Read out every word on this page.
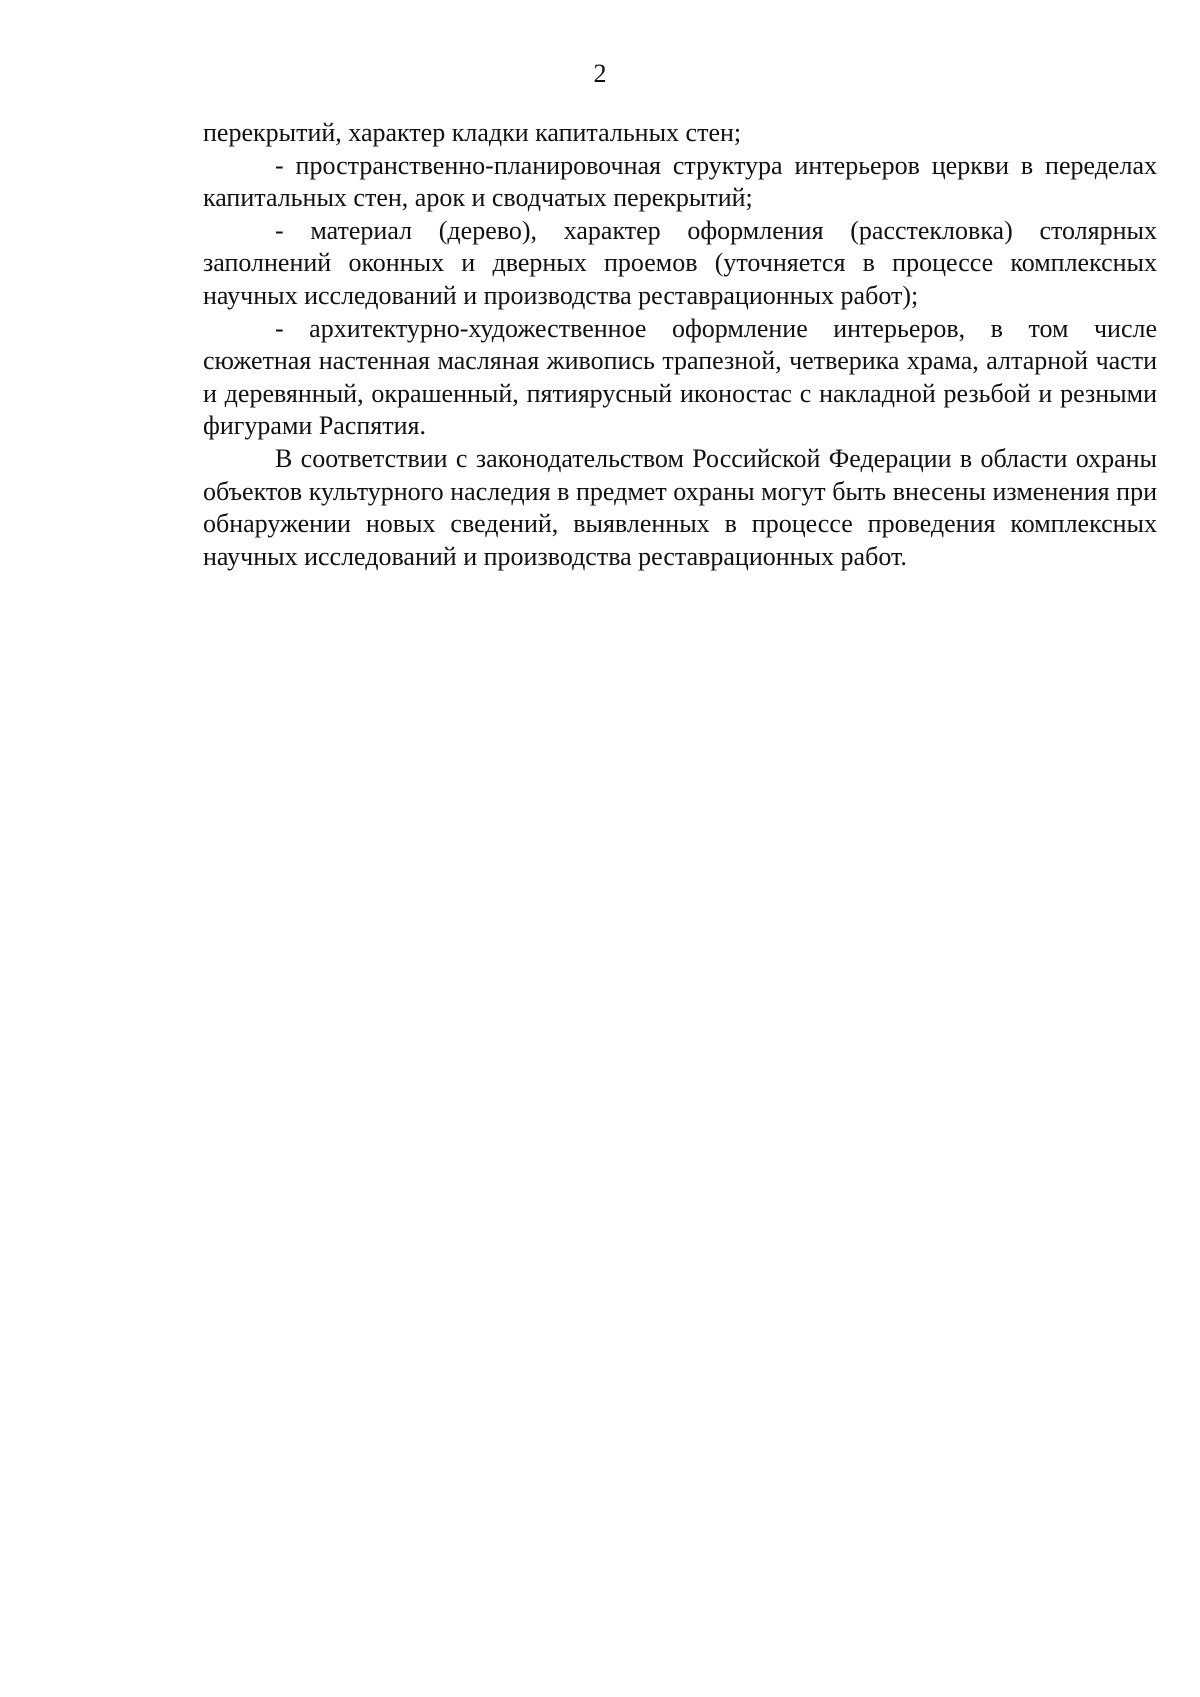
2

перекрытий, характер кладки капитальных стен;

- пространственно-планировочная структура интерьеров церкви в переделах капитальных стен, арок и сводчатых перекрытий;

- материал (дерево), характер оформления (расстекловка) столярных заполнений оконных и дверных проемов (уточняется в процессе комплексных научных исследований и производства реставрационных работ);

- архитектурно-художественное оформление интерьеров, в том числе сюжетная настенная масляная живопись трапезной, четверика храма, алтарной части и деревянный, окрашенный, пятиярусный иконостас с накладной резьбой и резными фигурами Распятия.

В соответствии с законодательством Российской Федерации в области охраны объектов культурного наследия в предмет охраны могут быть внесены изменения при обнаружении новых сведений, выявленных в процессе проведения комплексных научных исследований и производства реставрационных работ.
